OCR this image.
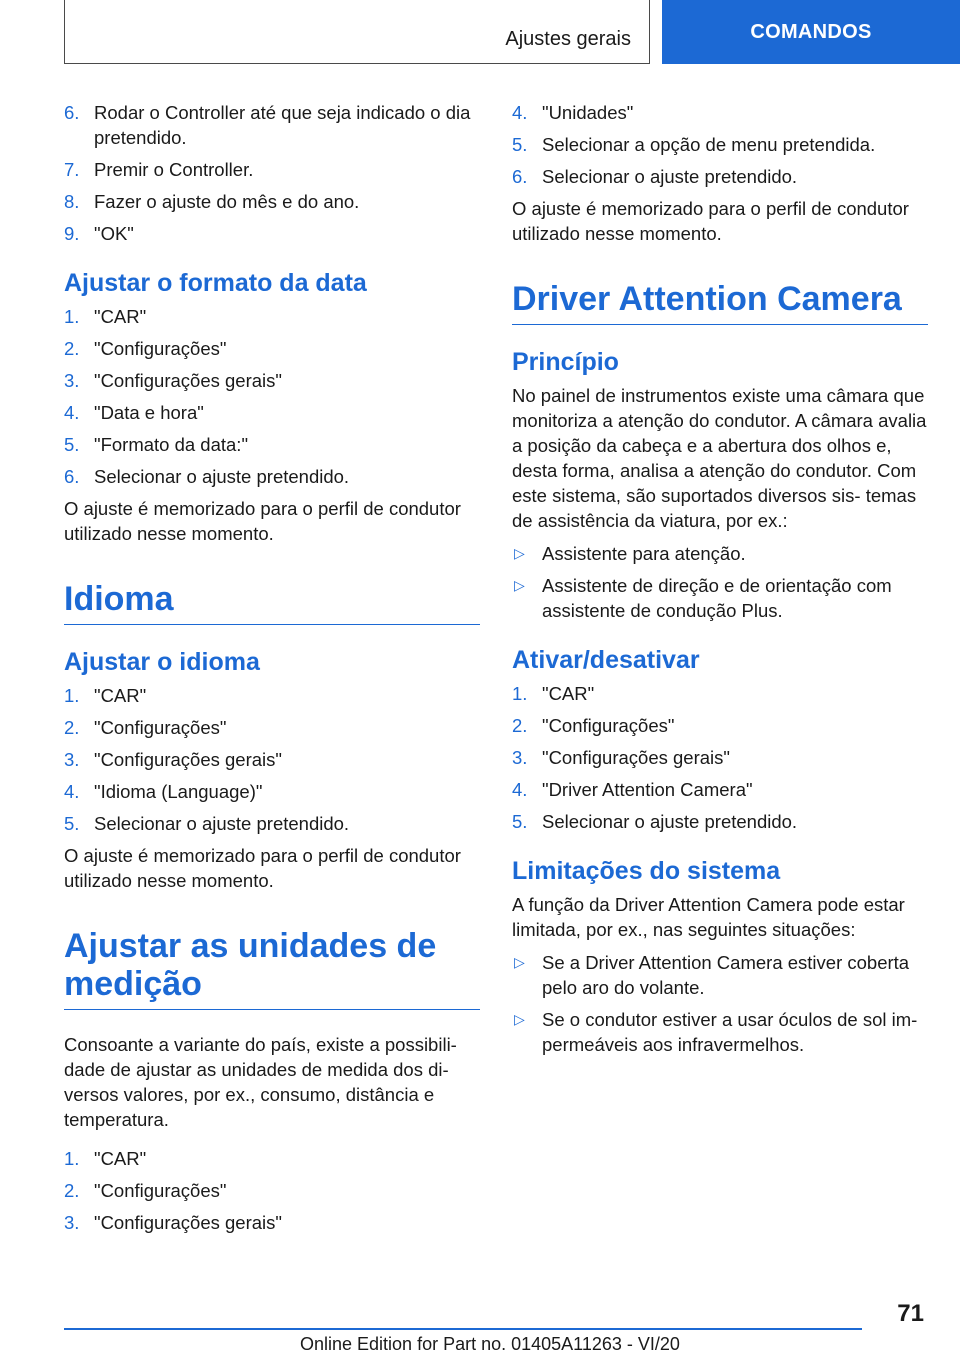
Ajustes gerais	COMANDOS
6. Rodar o Controller até que seja indicado o dia pretendido.
7. Premir o Controller.
8. Fazer o ajuste do mês e do ano.
9. "OK"
Ajustar o formato da data
1. "CAR"
2. "Configurações"
3. "Configurações gerais"
4. "Data e hora"
5. "Formato da data:"
6. Selecionar o ajuste pretendido.

O ajuste é memorizado para o perfil de condutor utilizado nesse momento.

Idioma
Ajustar o idioma
1. "CAR"
2. "Configurações"
3. "Configurações gerais"
4. "Idioma (Language)"
5. Selecionar o ajuste pretendido.

O ajuste é memorizado para o perfil de condutor utilizado nesse momento.

Ajustar as unidades de medição

Consoante a variante do país, existe a possibili- dade de ajustar as unidades de medida dos di- versos valores, por ex., consumo, distância e temperatura.

1. "CAR"
2. "Configurações"
3. "Configurações gerais"
4. "Unidades"
5. Selecionar a opção de menu pretendida.
6. Selecionar o ajuste pretendido.

O ajuste é memorizado para o perfil de condutor utilizado nesse momento.

Driver Attention Camera
Princípio

No painel de instrumentos existe uma câmara que monitoriza a atenção do condutor. A câmara avalia a posição da cabeça e a abertura dos olhos e, desta forma, analisa a atenção do condutor. Com este sistema, são suportados diversos sis- temas de assistência da viatura, por ex.:

▷ Assistente para atenção.
▷ Assistente de direção e de orientação com assistente de condução Plus.
Ativar/desativar
1. "CAR"
2. "Configurações"
3. "Configurações gerais"
4. "Driver Attention Camera"
5. Selecionar o ajuste pretendido.
Limitações do sistema

A função da Driver Attention Camera pode estar limitada, por ex., nas seguintes situações:

▷ Se a Driver Attention Camera estiver coberta pelo aro do volante.
▷ Se o condutor estiver a usar óculos de sol im- permeáveis aos infravermelhos.
71
Online Edition for Part no. 01405A11263 - VI/20
